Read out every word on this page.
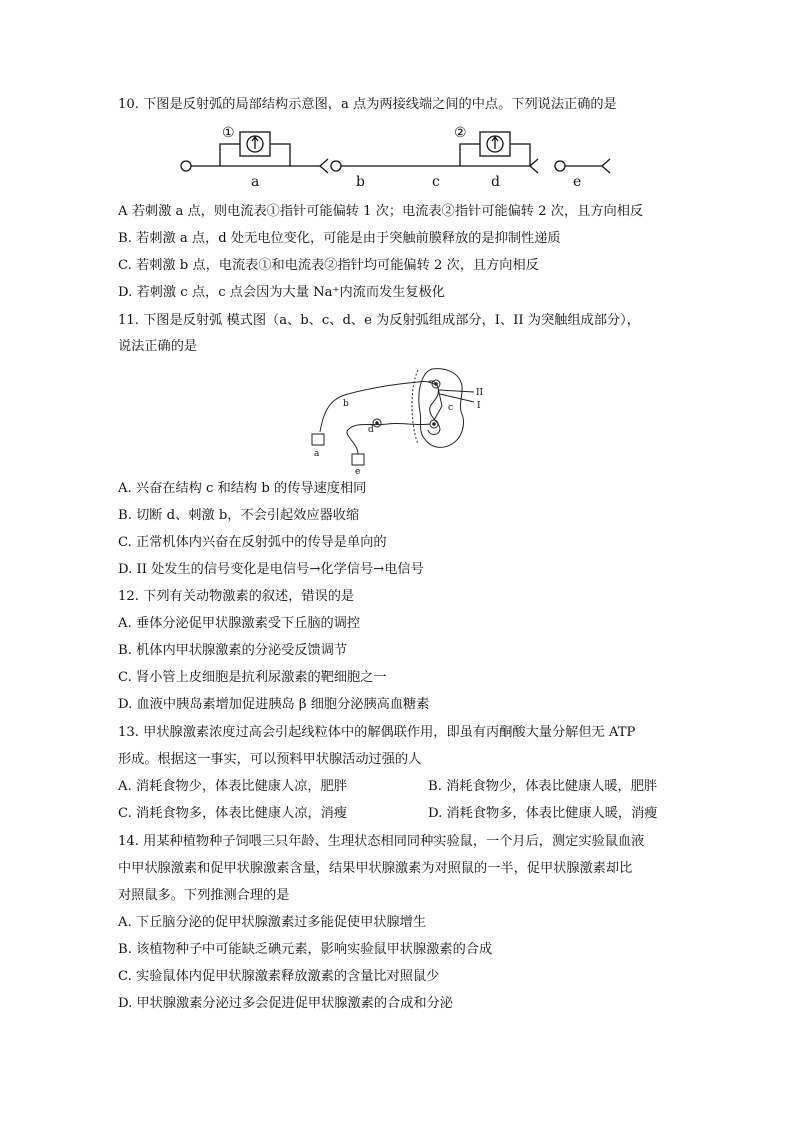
10. 下图是反射弧的局部结构示意图，a 点为两接线端之间的中点。下列说法正确的是
①	②
a	b	c	d	e
A 若刺激 a 点，则电流表①指针可能偏转 1 次；电流表②指针可能偏转 2 次，且方向相反
B. 若刺激 a 点，d 处无电位变化，可能是由于突触前膜释放的是抑制性递质
C. 若刺激 b 点，电流表①和电流表②指针均可能偏转 2 次，且方向相反
D. 若刺激 c 点，c 点会因为大量 Na⁺内流而发生复极化
11. 下图是反射弧 模式图（a、b、c、d、e 为反射弧组成部分，I、II 为突触组成部分），
说法正确的是
a
b	c
d
e
II
I
A. 兴奋在结构 c 和结构 b 的传导速度相同
B. 切断 d、刺激 b，不会引起效应器收缩
C. 正常机体内兴奋在反射弧中的传导是单向的
D. II 处发生的信号变化是电信号→化学信号→电信号
12. 下列有关动物激素的叙述，错误的是
A. 垂体分泌促甲状腺激素受下丘脑的调控
B. 机体内甲状腺激素的分泌受反馈调节
C. 肾小管上皮细胞是抗利尿激素的靶细胞之一
D. 血液中胰岛素增加促进胰岛 β 细胞分泌胰高血糖素
13. 甲状腺激素浓度过高会引起线粒体中的解偶联作用，即虽有丙酮酸大量分解但无 ATP
形成。根据这一事实，可以预料甲状腺活动过强的人
A. 消耗食物少，体表比健康人凉，肥胖	B. 消耗食物少，体表比健康人暖，肥胖
C. 消耗食物多，体表比健康人凉，消瘦	D. 消耗食物多，体表比健康人暖，消瘦
14. 用某种植物种子饲喂三只年龄、生理状态相同同种实验鼠，一个月后，测定实验鼠血液
中甲状腺激素和促甲状腺激素含量，结果甲状腺激素为对照鼠的一半，促甲状腺激素却比
对照鼠多。下列推测合理的是
A. 下丘脑分泌的促甲状腺激素过多能促使甲状腺增生
B. 该植物种子中可能缺乏碘元素，影响实验鼠甲状腺激素的合成
C. 实验鼠体内促甲状腺激素释放激素的含量比对照鼠少
D. 甲状腺激素分泌过多会促进促甲状腺激素的合成和分泌
